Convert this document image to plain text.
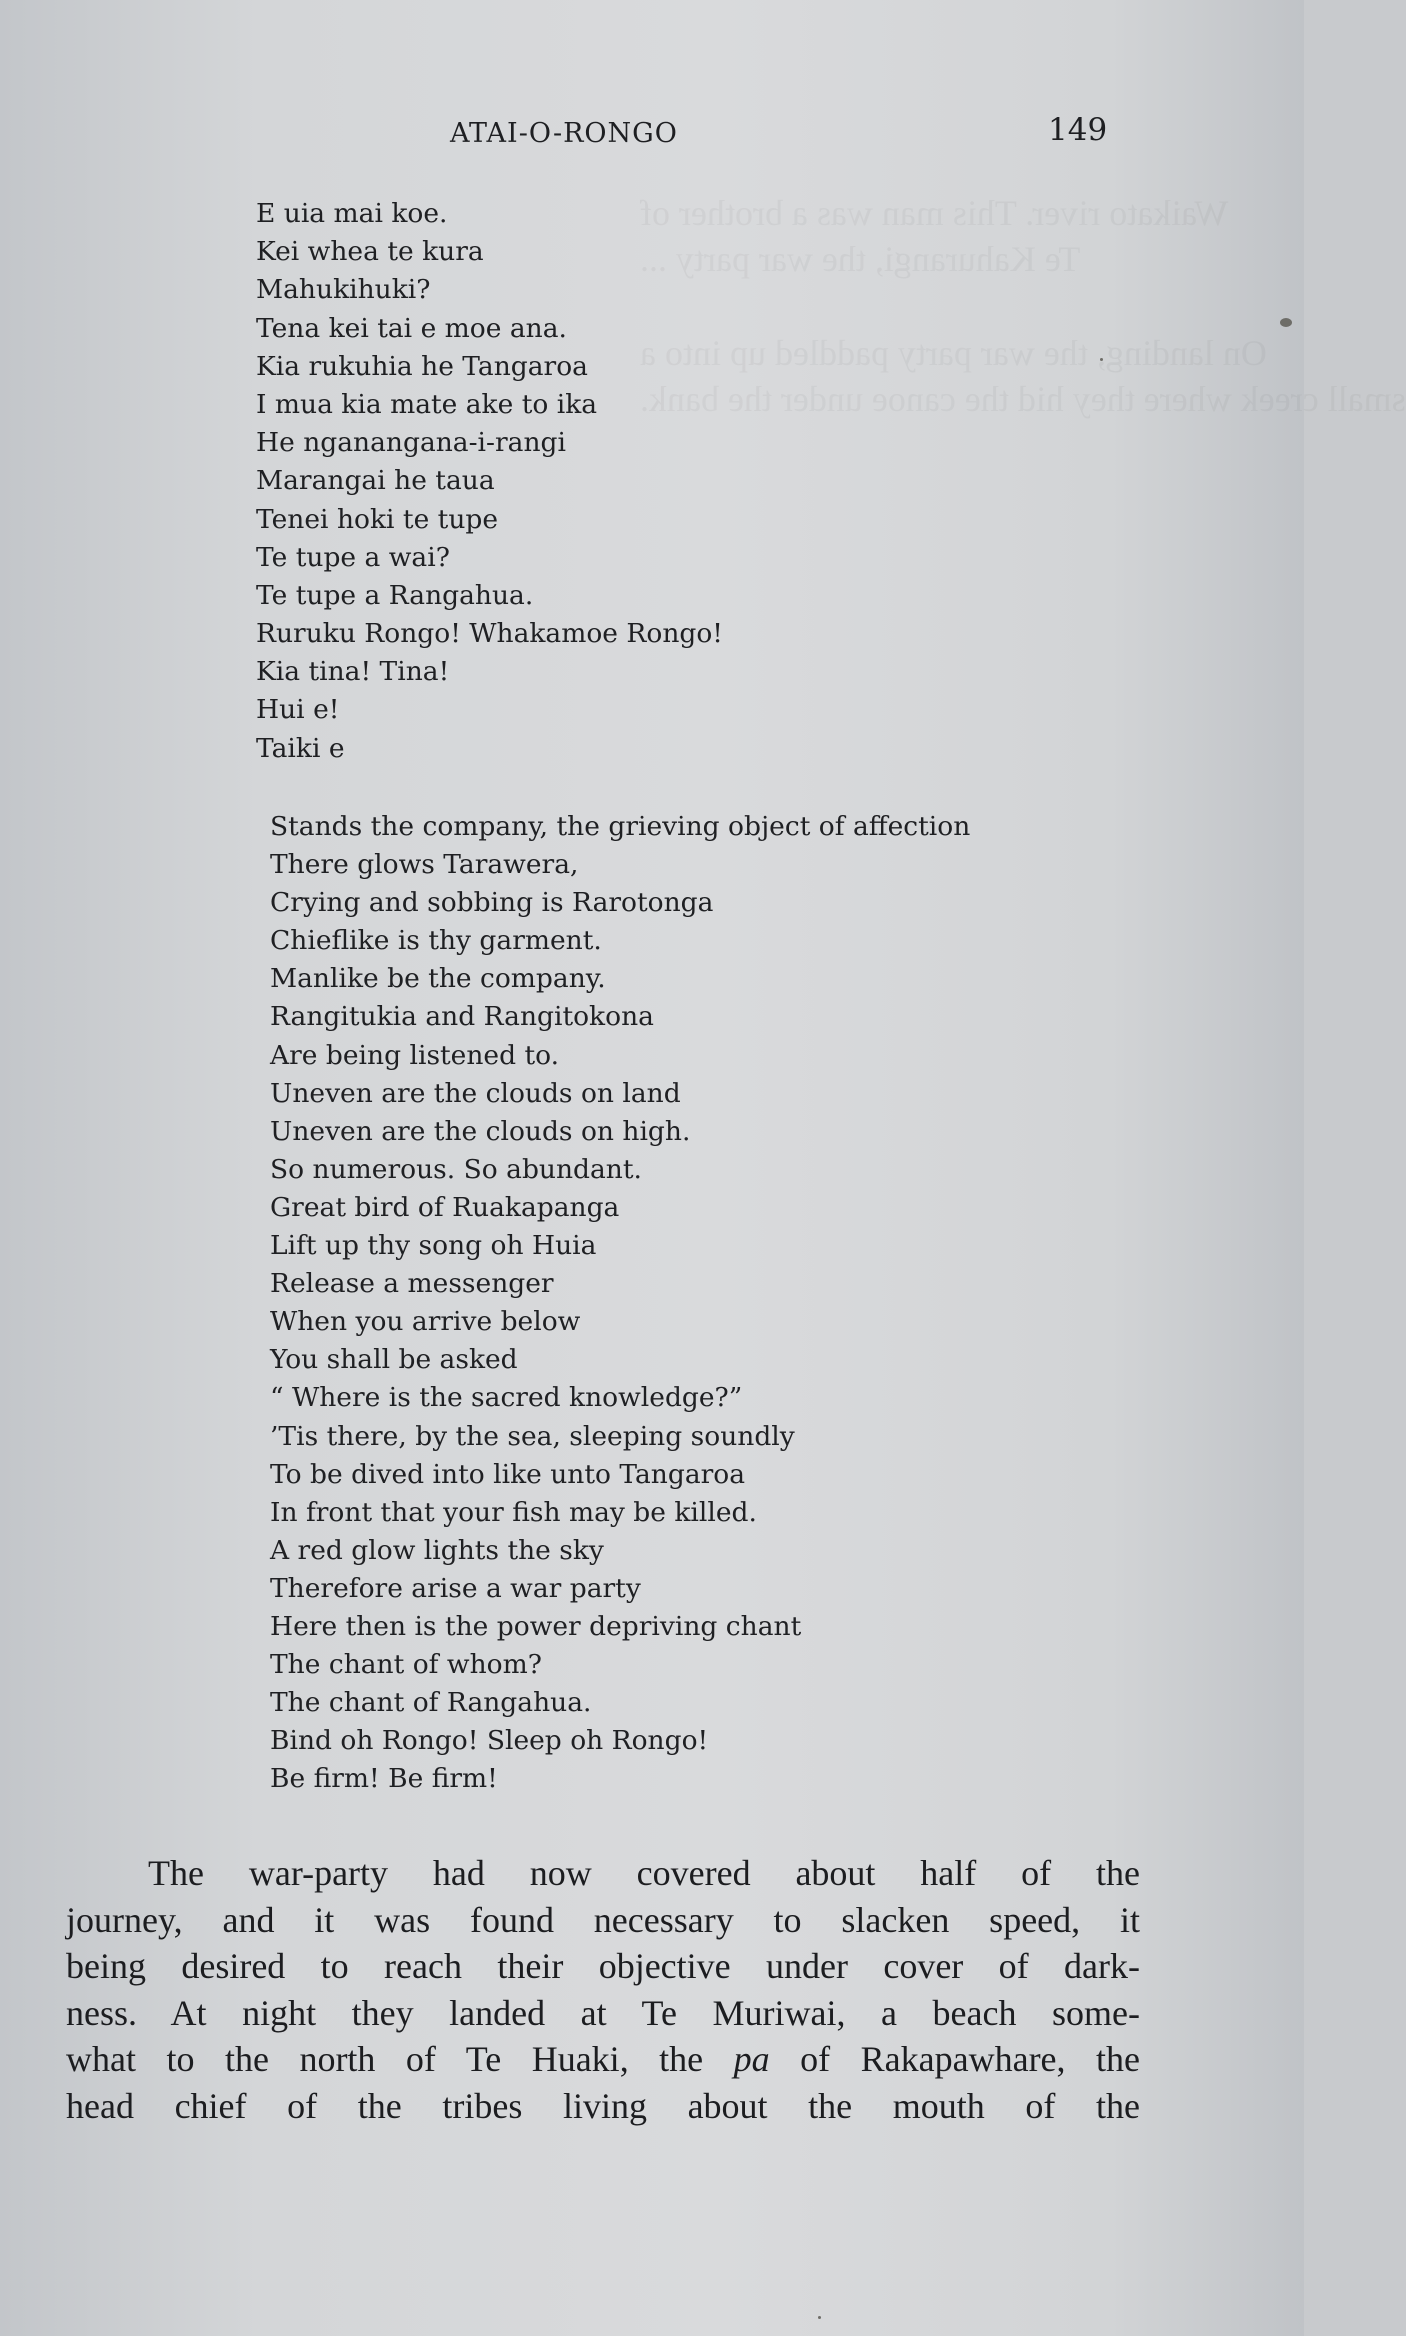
Waikato river. This man was a brother of
Te Kahurangi, the war party ...
On landing, the war party paddled up into a
small creek where they hid the canoe under the bank.
ATAI-O-RONGO	149
E uia mai koe.
Kei whea te kura
Mahukihuki?
Tena kei tai e moe ana.
Kia rukuhia he Tangaroa
I mua kia mate ake to ika
He nganangana-i-rangi
Marangai he taua
Tenei hoki te tupe
Te tupe a wai?
Te tupe a Rangahua.
Ruruku Rongo! Whakamoe Rongo!
Kia tina! Tina!
Hui e!
Taiki e
Stands the company, the grieving object of affection
There glows Tarawera,
Crying and sobbing is Rarotonga
Chieflike is thy garment.
Manlike be the company.
Rangitukia and Rangitokona
Are being listened to.
Uneven are the clouds on land
Uneven are the clouds on high.
So numerous. So abundant.
Great bird of Ruakapanga
Lift up thy song oh Huia
Release a messenger
When you arrive below
You shall be asked
“ Where is the sacred knowledge?”
’Tis there, by the sea, sleeping soundly
To be dived into like unto Tangaroa
In front that your fish may be killed.
A red glow lights the sky
Therefore arise a war party
Here then is the power depriving chant
The chant of whom?
The chant of Rangahua.
Bind oh Rongo! Sleep oh Rongo!
Be firm! Be firm!
The war-party had now covered about half of the
journey, and it was found necessary to slacken speed, it
being desired to reach their objective under cover of dark-
ness. At night they landed at Te Muriwai, a beach some-
what to the north of Te Huaki, the pa of Rakapawhare, the
head chief of the tribes living about the mouth of the
